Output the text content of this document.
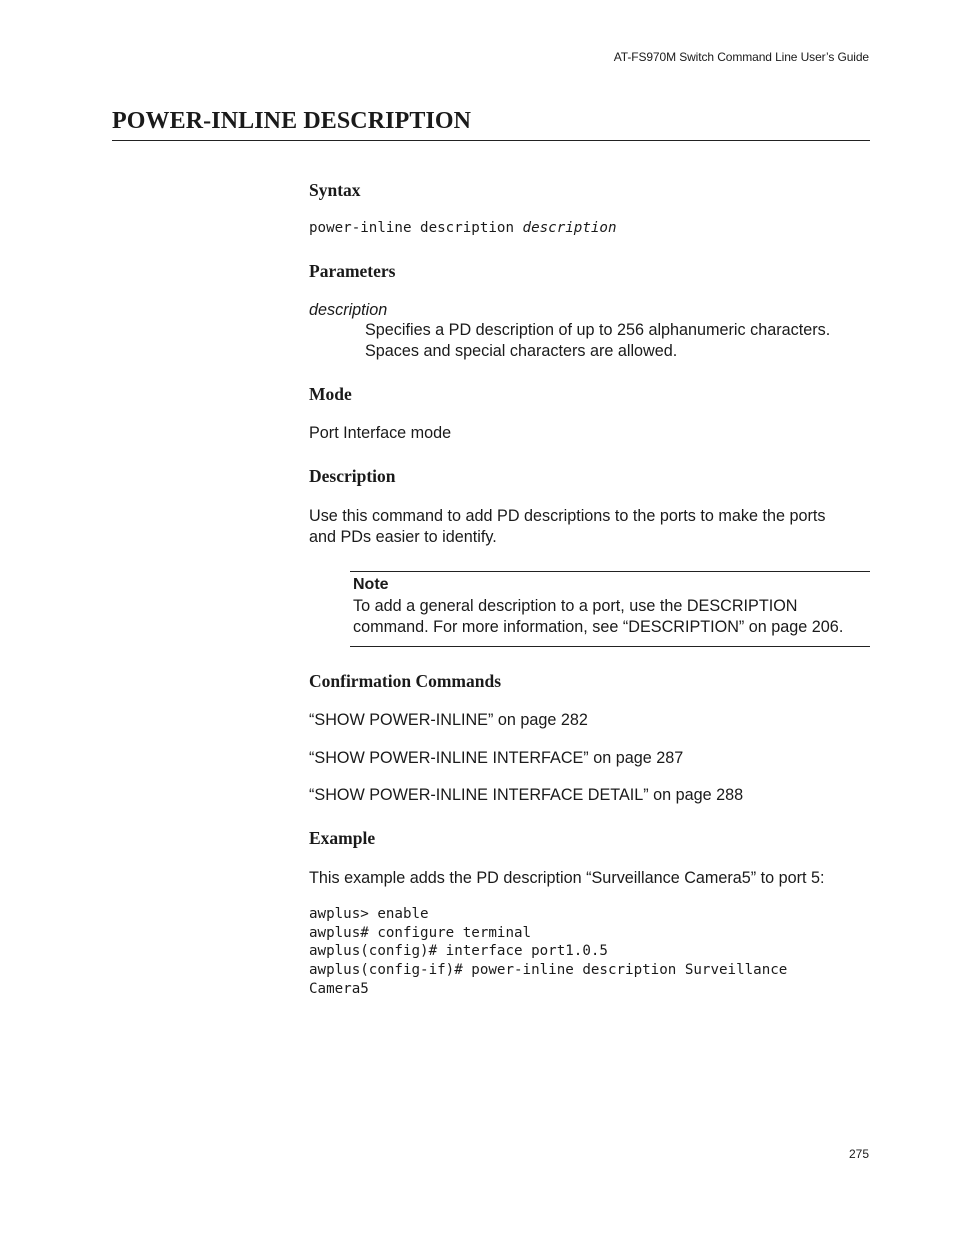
AT-FS970M Switch Command Line User’s Guide
POWER-INLINE DESCRIPTION
Syntax

power-inline description description

Parameters

description

Specifies a PD description of up to 256 alphanumeric characters.
Spaces and special characters are allowed.

Mode

Port Interface mode

Description

Use this command to add PD descriptions to the ports to make the ports
and PDs easier to identify.

Note

To add a general description to a port, use the DESCRIPTION
command. For more information, see “DESCRIPTION” on page 206.

Confirmation Commands

“SHOW POWER-INLINE” on page 282

“SHOW POWER-INLINE INTERFACE” on page 287

“SHOW POWER-INLINE INTERFACE DETAIL” on page 288

Example

This example adds the PD description “Surveillance Camera5” to port 5:

awplus> enable
awplus# configure terminal
awplus(config)# interface port1.0.5
awplus(config-if)# power-inline description Surveillance
Camera5
275
